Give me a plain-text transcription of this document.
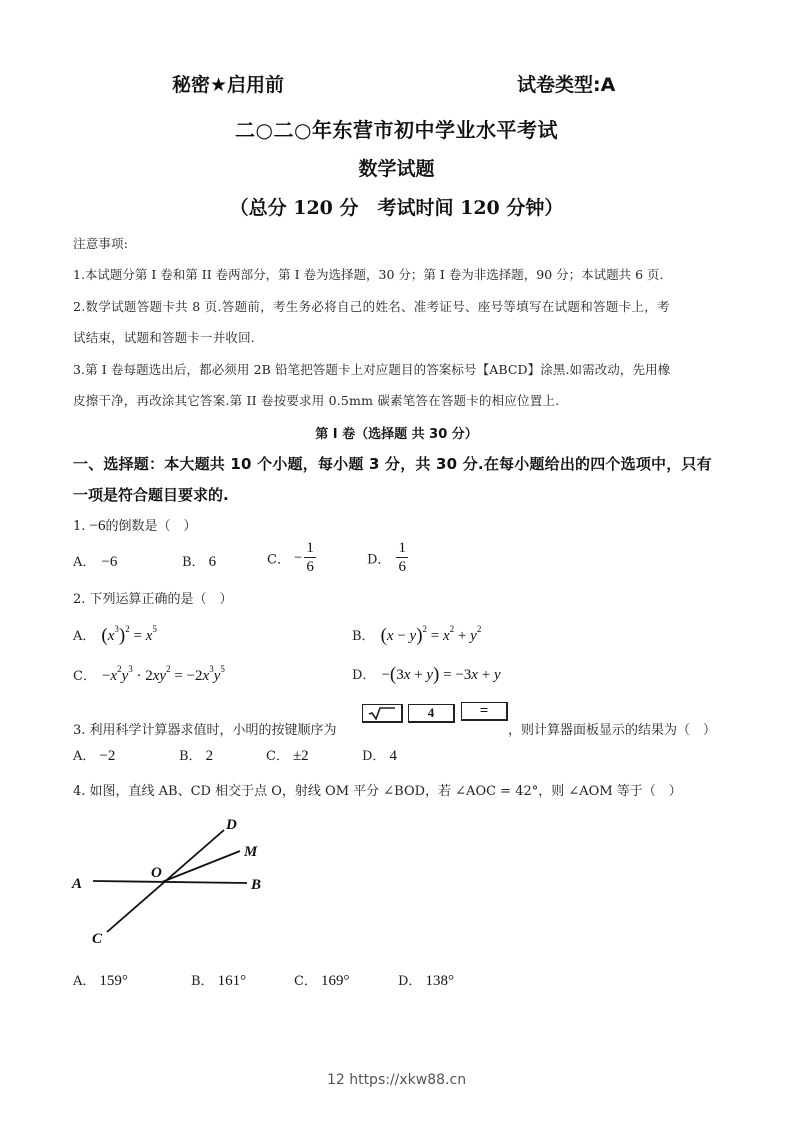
秘密★启用前	试卷类型:A
二○二○年东营市初中学业水平考试
数学试题
（总分 120 分　考试时间 120 分钟）
注意事项:
1.本试题分第 I 卷和第 II 卷两部分，第 I 卷为选择题，30 分；第 I 卷为非选择题，90 分；本试题共 6 页.
2.数学试题答题卡共 8 页.答题前，考生务必将自己的姓名、准考证号、座号等填写在试题和答题卡上，考
试结束，试题和答题卡一并收回.
3.第 I 卷每题选出后，都必须用 2B 铅笔把答题卡上对应题目的答案标号【ABCD】涂黑.如需改动，先用橡
皮擦干净，再改涂其它答案.第 II 卷按要求用 0.5mm 碳素笔答在答题卡的相应位置上.
第 I 卷（选择题 共 30 分）
一、选择题：本大题共 10 个小题，每小题 3 分，共 30 分.在每小题给出的四个选项中，只有
一项是符合题目要求的.
1. −6的倒数是（　）
A． −6	B． 6	C． − $\frac{1}{6}$	D． $\frac{1}{6}$
2. 下列运算正确的是（　）
A． $(x^3)^2 = x^5$	B． $(x - y)^2 = x^2 + y^2$
C． $-x^2y^3 \cdot 2xy^2 = -2x^3y^5$	D． −(3x + y) = −3x + y
3. 利用科学计算器求值时，小明的按键顺序为
4	=
，则计算器面板显示的结果为（　）
A． −2	B． 2	C． ±2	D． 4
4. 如图，直线 AB、CD 相交于点 O，射线 OM 平分 ∠BOD，若 ∠AOC = 42°，则 ∠AOM 等于（　）
A	B
C
D
O
M
A． 159°	B． 161°	C． 169°	D． 138°
12 https://xkw88.cn
